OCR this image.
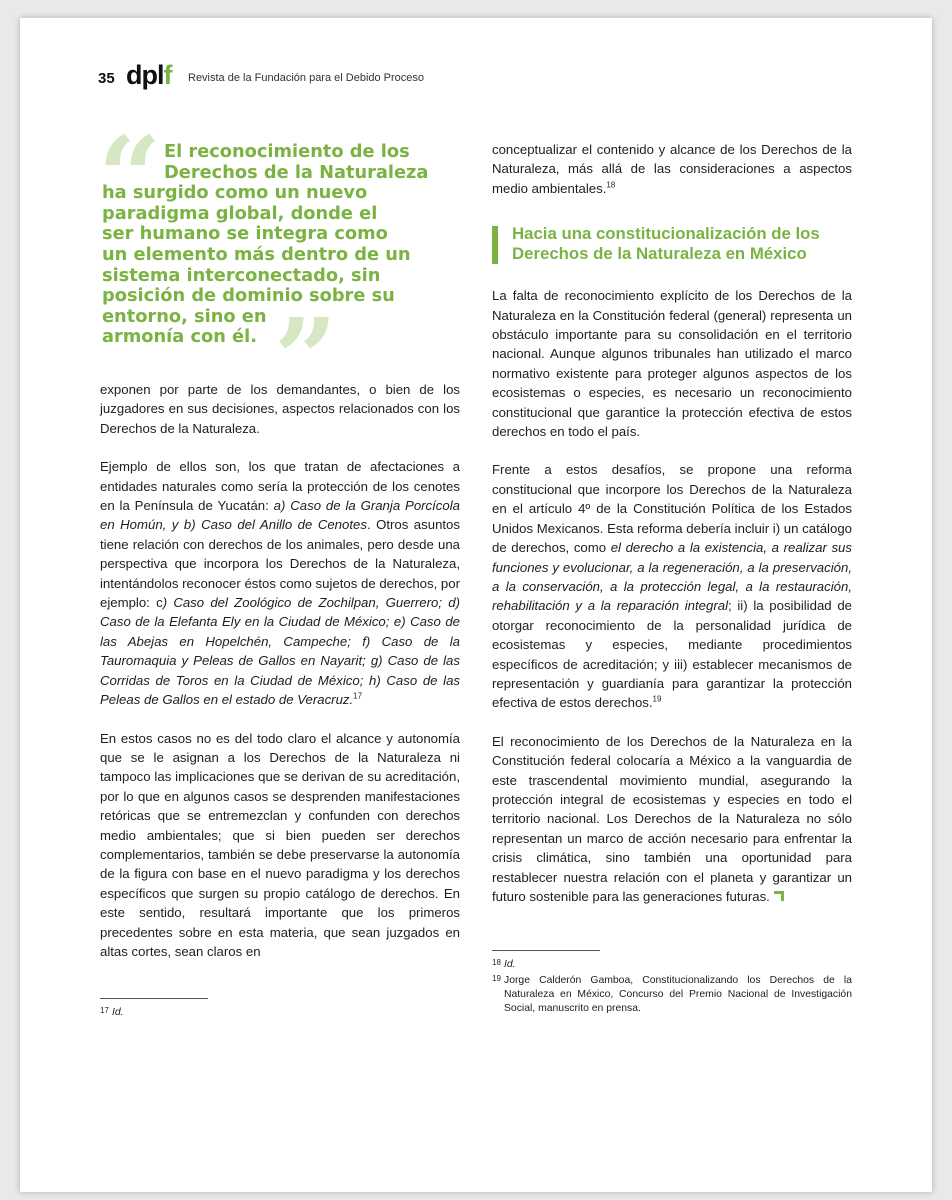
35 dplf Revista de la Fundación para el Debido Proceso
“
”
El reconocimiento de los
Derechos de la Naturaleza
ha surgido como un nuevo
paradigma global, donde el
ser humano se integra como
un elemento más dentro de un
sistema interconectado, sin
posición de dominio sobre su
entorno, sino en
armonía con él.

exponen por parte de los demandantes, o bien de los juzgadores en sus decisiones, aspectos relacionados con los Derechos de la Naturaleza.

Ejemplo de ellos son, los que tratan de afectaciones a entidades naturales como sería la protección de los cenotes en la Península de Yucatán: a) Caso de la Granja Porcícola en Homún, y b) Caso del Anillo de Cenotes. Otros asuntos tiene relación con derechos de los animales, pero desde una perspectiva que incorpora los Derechos de la Naturaleza, intentándolos reconocer éstos como sujetos de derechos, por ejemplo: c) Caso del Zoológico de Zochilpan, Guerrero; d) Caso de la Elefanta Ely en la Ciudad de México; e) Caso de las Abejas en Hopelchén, Campeche; f) Caso de la Tauromaquia y Peleas de Gallos en Nayarit; g) Caso de las Corridas de Toros en la Ciudad de México; h) Caso de las Peleas de Gallos en el estado de Veracruz.$^{17}$

En estos casos no es del todo claro el alcance y autonomía que se le asignan a los Derechos de la Naturaleza ni tampoco las implicaciones que se derivan de su acreditación, por lo que en algunos casos se desprenden manifestaciones retóricas que se entremezclan y confunden con derechos medio ambientales; que si bien pueden ser derechos complementarios, también se debe preservarse la autonomía de la figura con base en el nuevo paradigma y los derechos específicos que surgen su propio catálogo de derechos. En este sentido, resultará importante que los primeros precedentes sobre en esta materia, que sean juzgados en altas cortes, sean claros en

17 Id.

conceptualizar el contenido y alcance de los Derechos de la Naturaleza, más allá de las consideraciones a aspectos medio ambientales.$^{18}$

Hacia una constitucionalización de los Derechos de la Naturaleza en México

La falta de reconocimiento explícito de los Derechos de la Naturaleza en la Constitución federal (general) representa un obstáculo importante para su consolidación en el territorio nacional. Aunque algunos tribunales han utilizado el marco normativo existente para proteger algunos aspectos de los ecosistemas o especies, es necesario un reconocimiento constitucional que garantice la protección efectiva de estos derechos en todo el país.

Frente a estos desafíos, se propone una reforma constitucional que incorpore los Derechos de la Naturaleza en el artículo 4º de la Constitución Política de los Estados Unidos Mexicanos. Esta reforma debería incluir i) un catálogo de derechos, como el derecho a la existencia, a realizar sus funciones y evolucionar, a la regeneración, a la preservación, a la conservación, a la protección legal, a la restauración, rehabilitación y a la reparación integral; ii) la posibilidad de otorgar reconocimiento de la personalidad jurídica de ecosistemas y especies, mediante procedimientos específicos de acreditación; y iii) establecer mecanismos de representación y guardianía para garantizar la protección efectiva de estos derechos.$^{19}$

El reconocimiento de los Derechos de la Naturaleza en la Constitución federal colocaría a México a la vanguardia de este trascendental movimiento mundial, asegurando la protección integral de ecosistemas y especies en todo el territorio nacional. Los Derechos de la Naturaleza no sólo representan un marco de acción necesario para enfrentar la crisis climática, sino también una oportunidad para restablecer nuestra relación con el planeta y garantizar un futuro sostenible para las generaciones futuras.

18 Id.
19 Jorge Calderón Gamboa, Constitucionalizando los Derechos de la Naturaleza en México, Concurso del Premio Nacional de Investigación Social, manuscrito en prensa.
